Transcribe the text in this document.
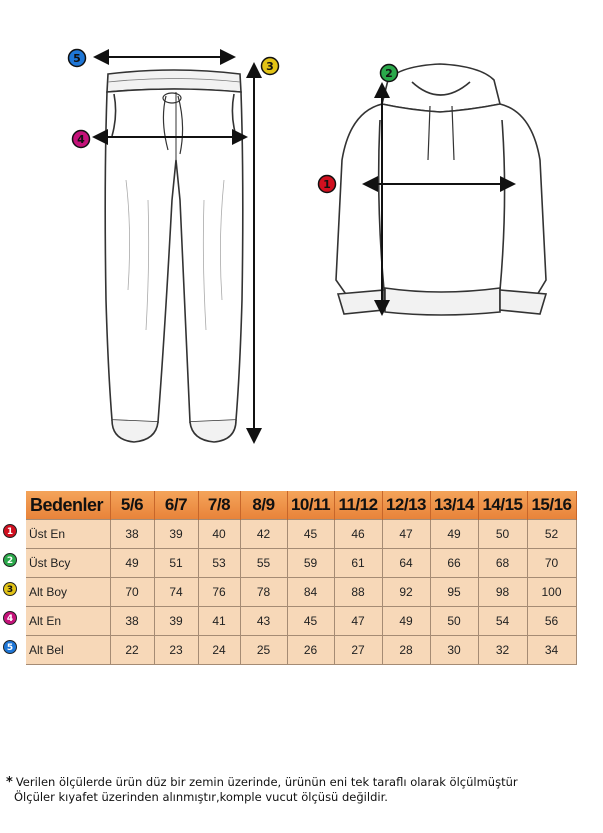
5
3
4
2
1
1
2
3
4
5
Bedenler	5/6	6/7	7/8	8/9	10/11	11/12	12/13	13/14	14/15	15/16
Üst En	38	39	40	42	45	46	47	49	50	52
Üst Bcy	49	51	53	55	59	61	64	66	68	70
Alt Boy	70	74	76	78	84	88	92	95	98	100
Alt En	38	39	41	43	45	47	49	50	54	56
Alt Bel	22	23	24	25	26	27	28	30	32	34
* Verilen ölçülerde ürün düz bir zemin üzerinde, ürünün eni tek taraflı olarak ölçülmüştür
Ölçüler kıyafet üzerinden alınmıştır,komple vucut ölçüsü değildir.
